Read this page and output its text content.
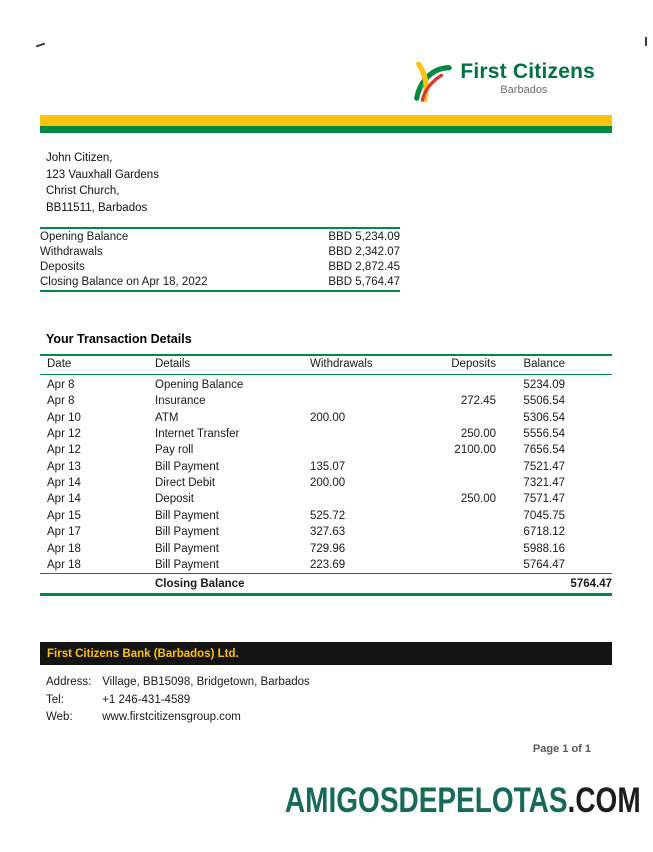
First Citizens
Barbados
John Citizen,
123 Vauxhall Gardens
Christ Church,
BB11511, Barbados
Opening Balance	BBD 5,234.09
Withdrawals	BBD 2,342.07
Deposits	BBD 2,872.45
Closing Balance on Apr 18, 2022	BBD 5,764.47
Your Transaction Details
Date	Details	Withdrawals	Deposits	Balance
Apr 8	Opening Balance			5234.09
Apr 8	Insurance		272.45	5506.54
Apr 10	ATM	200.00		5306.54
Apr 12	Internet Transfer		250.00	5556.54
Apr 12	Pay roll		2100.00	7656.54
Apr 13	Bill Payment	135.07		7521.47
Apr 14	Direct Debit	200.00		7321.47
Apr 14	Deposit		250.00	7571.47
Apr 15	Bill Payment	525.72		7045.75
Apr 17	Bill Payment	327.63		6718.12
Apr 18	Bill Payment	729.96		5988.16
Apr 18	Bill Payment	223.69		5764.47
	Closing Balance			5764.47
First Citizens Bank (Barbados) Ltd.
Address: Village, BB15098, Bridgetown, Barbados
Tel:	+1 246-431-4589
Web:	www.firstcitizensgroup.com
Page 1 of 1
AMIGOSDEPELOTAS.COM
